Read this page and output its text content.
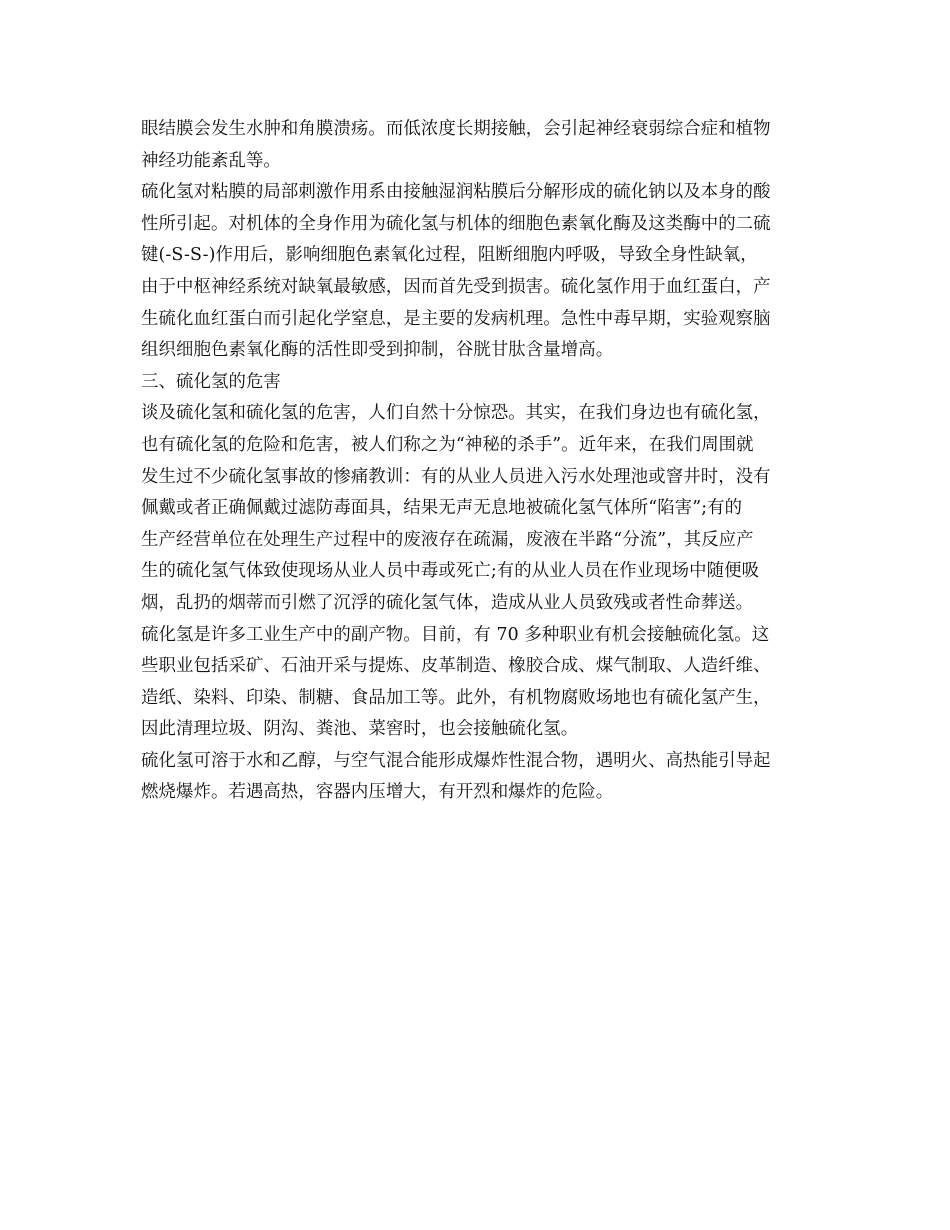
眼结膜会发生水肿和角膜溃疡。而低浓度长期接触，会引起神经衰弱综合症和植物
神经功能紊乱等。
硫化氢对粘膜的局部刺激作用系由接触湿润粘膜后分解形成的硫化钠以及本身的酸
性所引起。对机体的全身作用为硫化氢与机体的细胞色素氧化酶及这类酶中的二硫
键(-S-S-)作用后，影响细胞色素氧化过程，阻断细胞内呼吸，导致全身性缺氧，
由于中枢神经系统对缺氧最敏感，因而首先受到损害。硫化氢作用于血红蛋白，产
生硫化血红蛋白而引起化学窒息，是主要的发病机理。急性中毒早期，实验观察脑
组织细胞色素氧化酶的活性即受到抑制，谷胱甘肽含量增高。
三、硫化氢的危害
谈及硫化氢和硫化氢的危害，人们自然十分惊恐。其实，在我们身边也有硫化氢，
也有硫化氢的危险和危害，被人们称之为“神秘的杀手”。近年来，在我们周围就
发生过不少硫化氢事故的惨痛教训：有的从业人员进入污水处理池或窨井时，没有
佩戴或者正确佩戴过滤防毒面具，结果无声无息地被硫化氢气体所“陷害”;有的
生产经营单位在处理生产过程中的废液存在疏漏，废液在半路“分流”，其反应产
生的硫化氢气体致使现场从业人员中毒或死亡;有的从业人员在作业现场中随便吸
烟，乱扔的烟蒂而引燃了沉浮的硫化氢气体，造成从业人员致残或者性命葬送。
硫化氢是许多工业生产中的副产物。目前，有 70 多种职业有机会接触硫化氢。这
些职业包括采矿、石油开采与提炼、皮革制造、橡胶合成、煤气制取、人造纤维、
造纸、染料、印染、制糖、食品加工等。此外，有机物腐败场地也有硫化氢产生，
因此清理垃圾、阴沟、粪池、菜窖时，也会接触硫化氢。
硫化氢可溶于水和乙醇，与空气混合能形成爆炸性混合物，遇明火、高热能引导起
燃烧爆炸。若遇高热，容器内压增大，有开烈和爆炸的危险。
